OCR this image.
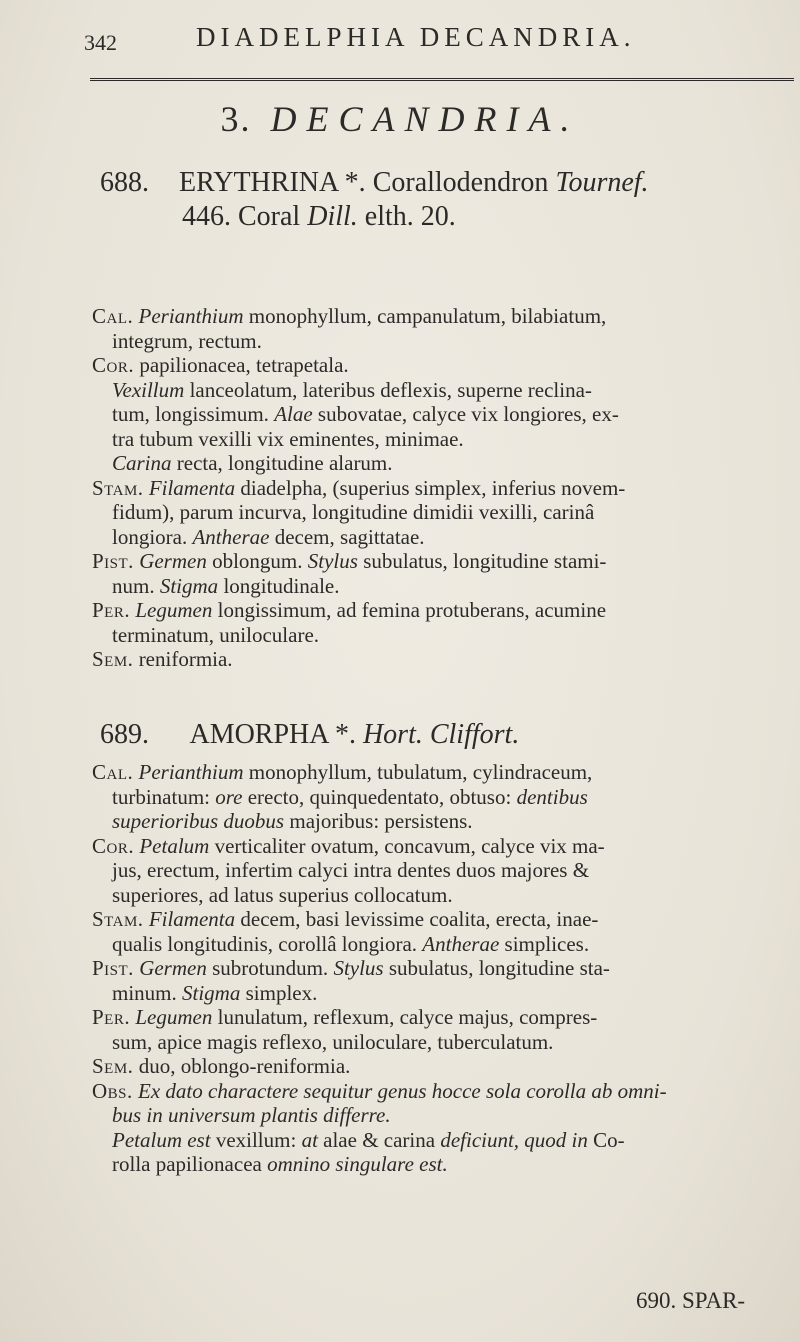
342	DIADELPHIA DECANDRIA.
3. DECANDRIA.
688. ERYTHRINA *. Corallodendron Tournef.
446. Coral Dill. elth. 20.
Cal. Perianthium monophyllum, campanulatum, bilabiatum,
integrum, rectum.
Cor. papilionacea, tetrapetala.
Vexillum lanceolatum, lateribus deflexis, superne reclina-
tum, longissimum. Alae subovatae, calyce vix longiores, ex-
tra tubum vexilli vix eminentes, minimae.
Carina recta, longitudine alarum.
Stam. Filamenta diadelpha, (superius simplex, inferius novem-
fidum), parum incurva, longitudine dimidii vexilli, carinâ
longiora. Antherae decem, sagittatae.
Pist. Germen oblongum. Stylus subulatus, longitudine stami-
num. Stigma longitudinale.
Per. Legumen longissimum, ad femina protuberans, acumine
terminatum, uniloculare.
Sem. reniformia.
689. AMORPHA *. Hort. Cliffort.
Cal. Perianthium monophyllum, tubulatum, cylindraceum,
turbinatum: ore erecto, quinquedentato, obtuso: dentibus
superioribus duobus majoribus: persistens.
Cor. Petalum verticaliter ovatum, concavum, calyce vix ma-
jus, erectum, infertim calyci intra dentes duos majores &
superiores, ad latus superius collocatum.
Stam. Filamenta decem, basi levissime coalita, erecta, inae-
qualis longitudinis, corollâ longiora. Antherae simplices.
Pist. Germen subrotundum. Stylus subulatus, longitudine sta-
minum. Stigma simplex.
Per. Legumen lunulatum, reflexum, calyce majus, compres-
sum, apice magis reflexo, uniloculare, tuberculatum.
Sem. duo, oblongo-reniformia.
Obs. Ex dato charactere sequitur genus hocce sola corolla ab omni-
bus in universum plantis differre.
Petalum est vexillum: at alae & carina deficiunt, quod in Co-
rolla papilionacea omnino singulare est.
690. SPAR-
